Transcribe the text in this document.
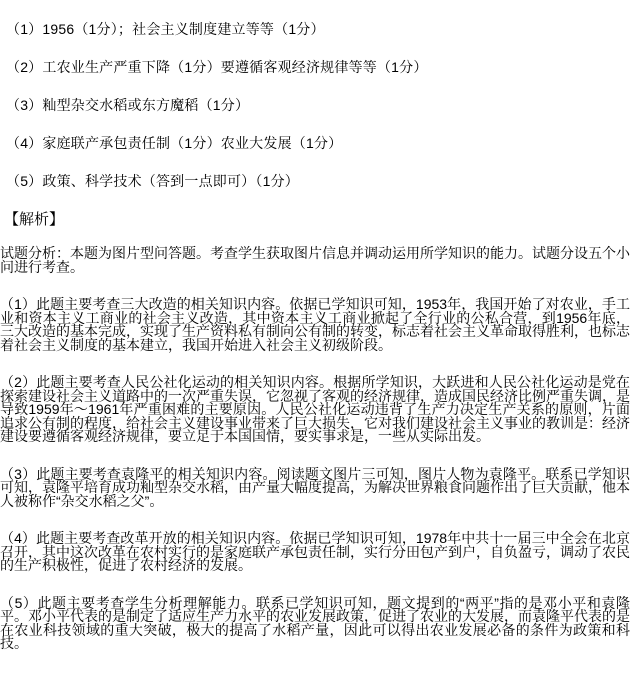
（1）1956（1分）；社会主义制度建立等等（1分）

（2）工农业生产严重下降（1分）要遵循客观经济规律等等（1分）

（3）籼型杂交水稻或东方魔稻（1分）

（4）家庭联产承包责任制（1分）农业大发展（1分）

（5）政策、科学技术（答到一点即可）（1分）

【解析】

试题分析：本题为图片型问答题。考查学生获取图片信息并调动运用所学知识的能力。试题分设五个小问进行考查。

（1）此题主要考查三大改造的相关知识内容。依据已学知识可知，1953年，我国开始了对农业，手工业和资本主义工商业的社会主义改造，其中资本主义工商业掀起了全行业的公私合营，到1956年底，三大改造的基本完成，实现了生产资料私有制向公有制的转变，标志着社会主义革命取得胜利，也标志着社会主义制度的基本建立，我国开始进入社会主义初级阶段。

（2）此题主要考查人民公社化运动的相关知识内容。根据所学知识，大跃进和人民公社化运动是党在探索建设社会主义道路中的一次严重失误，它忽视了客观的经济规律，造成国民经济比例严重失调，是导致1959年～1961年严重困难的主要原因。人民公社化运动违背了生产力决定生产关系的原则，片面追求公有制的程度，给社会主义建设事业带来了巨大损失，它对我们建设社会主义事业的教训是：经济建设要遵循客观经济规律，要立足于本国国情，要实事求是，一些从实际出发。

（3）此题主要考查袁隆平的相关知识内容。阅读题文图片三可知，图片人物为袁隆平。联系已学知识可知，袁隆平培育成功籼型杂交水稻，由产量大幅度提高，为解决世界粮食问题作出了巨大贡献，他本人被称作“杂交水稻之父”。

（4）此题主要考查改革开放的相关知识内容。依据已学知识可知，1978年中共十一届三中全会在北京召开，其中这次改革在农村实行的是家庭联产承包责任制，实行分田包产到户，自负盈亏，调动了农民的生产积极性，促进了农村经济的发展。

（5）此题主要考查学生分析理解能力。联系已学知识可知，题文提到的“两平”指的是邓小平和袁隆平。邓小平代表的是制定了适应生产力水平的农业发展政策，促进了农业的大发展，而袁隆平代表的是在农业科技领域的重大突破，极大的提高了水稻产量，因此可以得出农业发展必备的条件为政策和科技。
